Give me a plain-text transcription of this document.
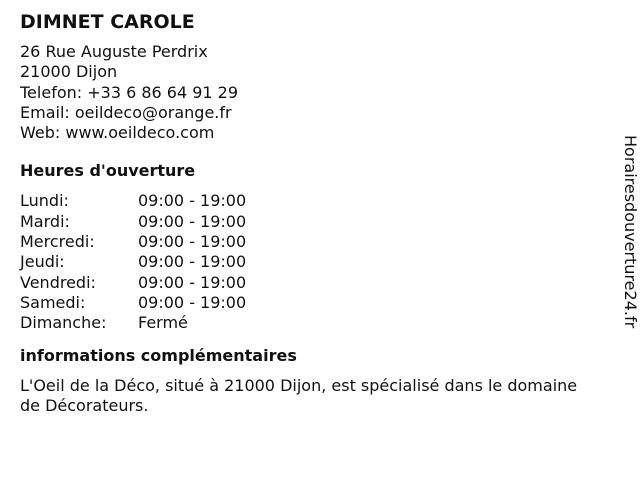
DIMNET CAROLE
26 Rue Auguste Perdrix
21000 Dijon
Telefon: +33 6 86 64 91 29
Email: oeildeco@orange.fr
Web: www.oeildeco.com
Heures d'ouverture
Lundi:	09:00 - 19:00
Mardi:	09:00 - 19:00
Mercredi:	09:00 - 19:00
Jeudi:	09:00 - 19:00
Vendredi:	09:00 - 19:00
Samedi:	09:00 - 19:00
Dimanche:	Fermé
informations complémentaires

L'Oeil de la Déco, situé à 21000 Dijon, est spécialisé dans le domaine de Décorateurs.

Horairesdouverture24.fr
